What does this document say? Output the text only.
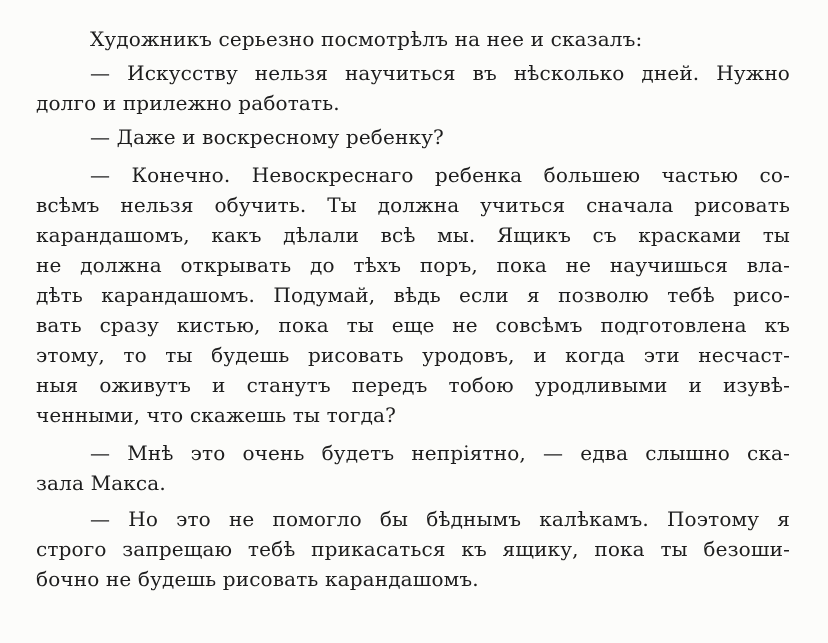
Художникъ серьезно посмотрѣлъ на нее и сказалъ:
— Искусству нельзя научиться въ нѣсколько дней. Нужно
долго и прилежно работать.
— Даже и воскресному ребенку?
— Конечно. Невоскреснаго ребенка большею частью со-
всѣмъ нельзя обучить. Ты должна учиться сначала рисовать
карандашомъ, какъ дѣлали всѣ мы. Ящикъ съ красками ты
не должна открывать до тѣхъ поръ, пока не научишься вла-
дѣть карандашомъ. Подумай, вѣдь если я позволю тебѣ рисо-
вать сразу кистью, пока ты еще не совсѣмъ подготовлена къ
этому, то ты будешь рисовать уродовъ, и когда эти несчаст-
ныя оживутъ и станутъ передъ тобою уродливыми и изувѣ-
ченными, что скажешь ты тогда?
— Мнѣ это очень будетъ непріятно, — едва слышно ска-
зала Макса.
— Но это не помогло бы бѣднымъ калѣкамъ. Поэтому я
строго запрещаю тебѣ прикасаться къ ящику, пока ты безоши-
бочно не будешь рисовать карандашомъ.
